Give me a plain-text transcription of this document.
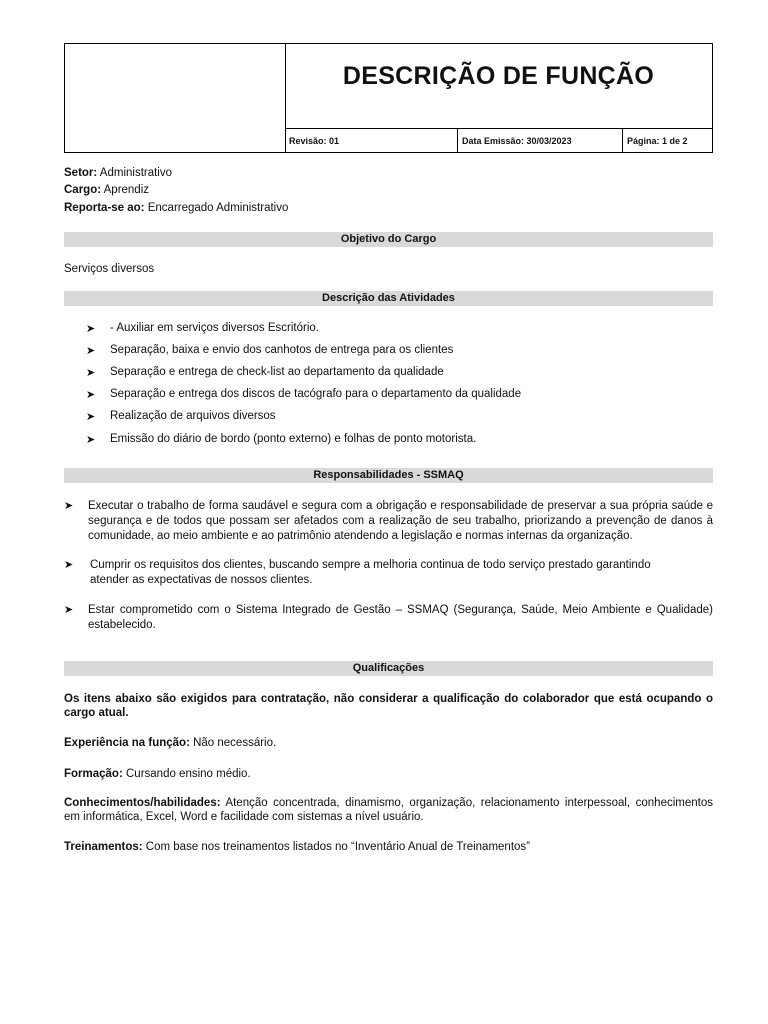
DESCRIÇÃO DE FUNÇÃO
Revisão: 01	Data Emissão: 30/03/2023	Página: 1 de 2
Setor: Administrativo
Cargo: Aprendiz
Reporta-se ao: Encarregado Administrativo
Objetivo do Cargo
Serviços diversos
Descrição das Atividades
➤ - Auxiliar em serviços diversos Escritório.
➤ Separação, baixa e envio dos canhotos de entrega para os clientes
➤ Separação e entrega de check-list ao departamento da qualidade
➤ Separação e entrega dos discos de tacógrafo para o departamento da qualidade
➤ Realização de arquivos diversos
➤ Emissão do diário de bordo (ponto externo) e folhas de ponto motorista.
Responsabilidades - SSMAQ
➤ Executar o trabalho de forma saudável e segura com a obrigação e responsabilidade de preservar a sua própria saúde e segurança e de todos que possam ser afetados com a realização de seu trabalho, priorizando a prevenção de danos à comunidade, ao meio ambiente e ao patrimônio atendendo a legislação e normas internas da organização.
➤ Cumprir os requisitos dos clientes, buscando sempre a melhoria continua de todo serviço prestado garantindo atender as expectativas de nossos clientes.
➤ Estar comprometido com o Sistema Integrado de Gestão – SSMAQ (Segurança, Saúde, Meio Ambiente e Qualidade) estabelecido.
Qualificações
Os itens abaixo são exigidos para contratação, não considerar a qualificação do colaborador que está ocupando o cargo atual.
Experiência na função: Não necessário.
Formação: Cursando ensino médio.
Conhecimentos/habilidades: Atenção concentrada, dinamismo, organização, relacionamento interpessoal, conhecimentos em informática, Excel, Word e facilidade com sistemas a nível usuário.
Treinamentos: Com base nos treinamentos listados no “Inventário Anual de Treinamentos”
